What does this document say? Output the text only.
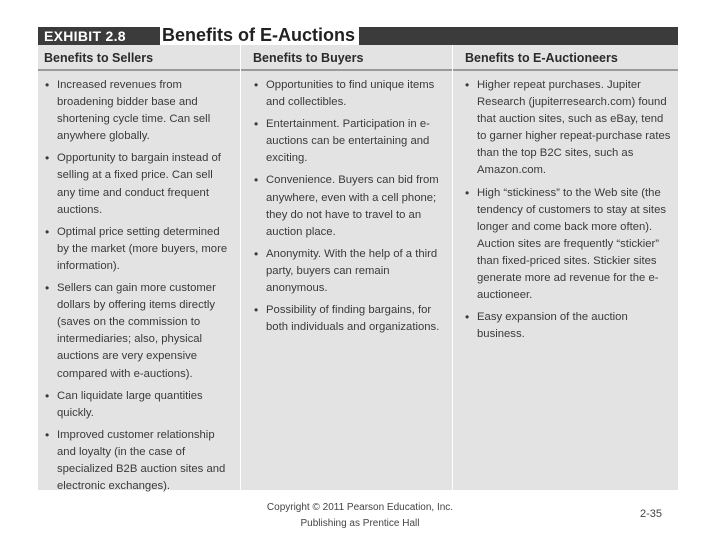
EXHIBIT 2.8 Benefits of E-Auctions
Benefits to Sellers	Benefits to Buyers	Benefits to E-Auctioneers
• Increased revenues from broadening bidder base and shortening cycle time. Can sell anywhere globally.
• Opportunity to bargain instead of selling at a fixed price. Can sell any time and conduct frequent auctions.
• Optimal price setting determined by the market (more buyers, more information).
• Sellers can gain more customer dollars by offering items directly (saves on the commission to intermediaries; also, physical auctions are very expensive compared with e-auctions).
• Can liquidate large quantities quickly.
• Improved customer relationship and loyalty (in the case of specialized B2B auction sites and electronic exchanges).
• Opportunities to find unique items and collectibles.
• Entertainment. Participation in e-auctions can be entertaining and exciting.
• Convenience. Buyers can bid from anywhere, even with a cell phone; they do not have to travel to an auction place.
• Anonymity. With the help of a third party, buyers can remain anonymous.
• Possibility of finding bargains, for both individuals and organizations.
• Higher repeat purchases. Jupiter Research (jupiterresearch.com) found that auction sites, such as eBay, tend to garner higher repeat-purchase rates than the top B2C sites, such as Amazon.com.
• High “stickiness” to the Web site (the tendency of customers to stay at sites longer and come back more often). Auction sites are frequently “stickier” than fixed-priced sites. Stickier sites generate more ad revenue for the e-auctioneer.
• Easy expansion of the auction business.
Copyright © 2011 Pearson Education, Inc.
Publishing as Prentice Hall
2-35
